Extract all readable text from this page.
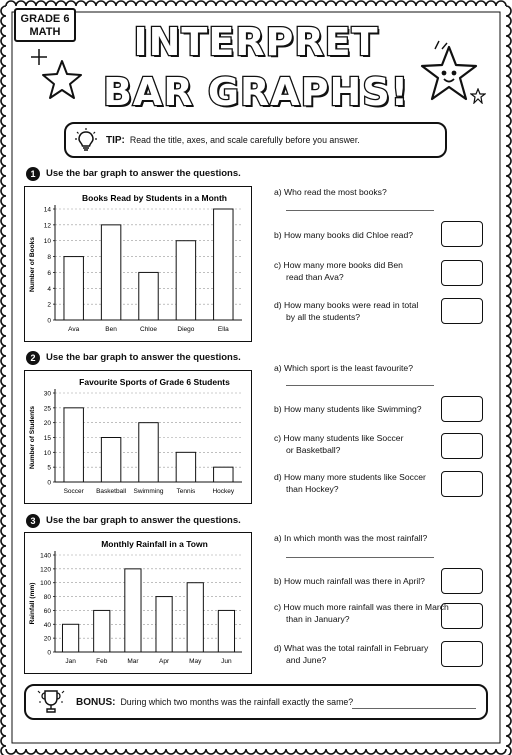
GRADE 6
MATH	INTERPRET
BAR GRAPHS!
TIP: Read the title, axes, and scale carefully before you answer.
1	Use the bar graph to answer the questions.
Books Read by Students in a Month
0
2
4
6
8
10
12
14
Number of Books
Ava	Ben	Chloe	Diego	Ella
a) Who read the most books?
b) How many books did Chloe read?
c) How many more books did Ben
read than Ava?
d) How many books were read in total
by all the students?
2	Use the bar graph to answer the questions.
Favourite Sports of Grade 6 Students
0
5
10
15
20
25
30
Number of Students
Soccer Basketball Swimming Tennis	Hockey
a) Which sport is the least favourite?
b) How many students like Swimming?
c) How many students like Soccer
or Basketball?
d) How many more students like Soccer
than Hockey?
3	Use the bar graph to answer the questions.
Monthly Rainfall in a Town
0
20
40
60
80
100
120
140
Rainfall (mm)
Jan	Feb	Mar	Apr	May	Jun
a) In which month was the most rainfall?
b) How much rainfall was there in April?
c) How much more rainfall was there in March
than in January?
d) What was the total rainfall in February
and June?
BONUS: During which two months was the rainfall exactly the same?
